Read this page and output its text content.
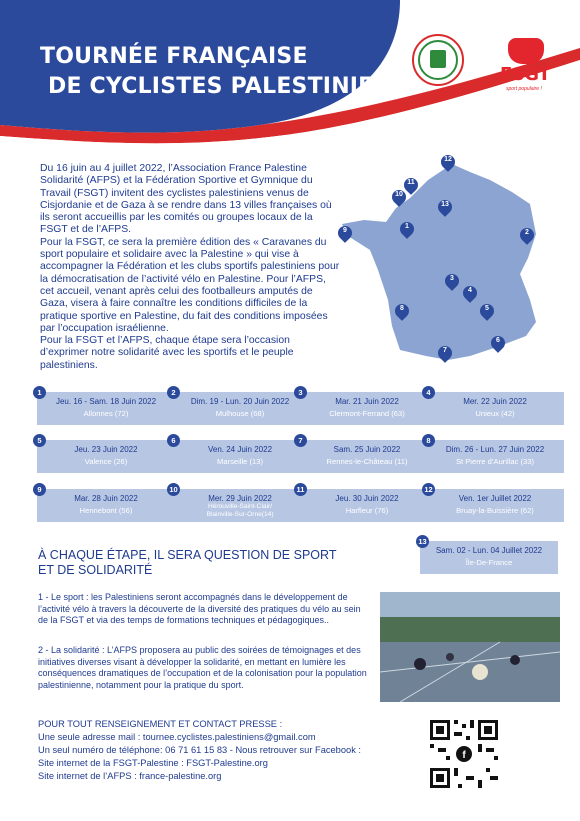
TOURNÉE FRANÇAISE
DE CYCLISTES PALESTINIENS	FSGT
sport populaire !

Du 16 juin au 4 juillet 2022, l’Association France Palestine Solidarité (AFPS) et la Fédération Sportive et Gymnique du Travail (FSGT) invitent des cyclistes palestiniens venus de Cisjordanie et de Gaza à se rendre dans 13 villes françaises où ils seront accueillis par les comités ou groupes locaux de la FSGT et de l’AFPS.

Pour la FSGT, ce sera la première édition des « Caravanes du sport populaire et solidaire avec la Palestine » qui vise à accompagner la Fédération et les clubs sportifs palestiniens pour la démocratisation de l’activité vélo en Palestine. Pour l’AFPS, cet accueil, venant après celui des footballeurs amputés de Gaza, visera à faire connaître les conditions difficiles de la pratique sportive en Palestine, du fait des conditions imposées par l’occupation israélienne.

Pour la FSGT et l’AFPS, chaque étape sera l’occasion d’exprimer notre solidarité avec les sportifs et le peuple palestiniens.

12
11
10
13
9
1
2
3
4
8	5
6
7
1
Jeu. 16 - Sam. 18 Juin 2022
Allonnes (72)
2
Dim. 19 - Lun. 20 Juin 2022
Mulhouse (68)
3
Mar. 21 Juin 2022
Clermont-Ferrand (63)
4
Mer. 22 Juin 2022
Unieux (42)
5
Jeu. 23 Juin 2022
Valence (26)
6
Ven. 24 Juin 2022
Marseille (13)
7
Sam. 25 Juin 2022
Rennes-le-Château (11)
8
Dim. 26 - Lun. 27 Juin 2022
St Pierre d’Aurillac (33)
9
Mar. 28 Juin 2022
Hennebont (56)
10
Mer. 29 Juin 2022
Hérouville-Saint-Clair/
Blainville-Sur-Orne(14)
11
Jeu. 30 Juin 2022
Harfleur (76)
12
Ven. 1er Juillet 2022
Bruay-la-Buissière (62)
13
Sam. 02 - Lun. 04 Juillet 2022
Île-De-France
À CHAQUE ÉTAPE, IL SERA QUESTION DE SPORT
ET DE SOLIDARITÉ
1 - Le sport : les Palestiniens seront accompagnés dans le développement de l’activité vélo à travers la découverte de la diversité des pratiques du vélo au sein de la FSGT et via des temps de formations techniques et pédagogiques..
2 - La solidarité : L’AFPS proposera au public des soirées de témoignages et des initiatives diverses visant à développer la solidarité, en mettant en lumière les conséquences dramatiques de l’occupation et de la colonisation pour la population palestinienne, notamment pour la pratique du sport.
POUR TOUT RENSEIGNEMENT ET CONTACT PRESSE :
Une seule adresse mail : tournee.cyclistes.palestiniens@gmail.com
Un seul numéro de téléphone: 06 71 61 15 83 - Nous retrouver sur Facebook :
Site internet de la FSGT-Palestine : FSGT-Palestine.org
Site internet de l’AFPS : france-palestine.org
f
